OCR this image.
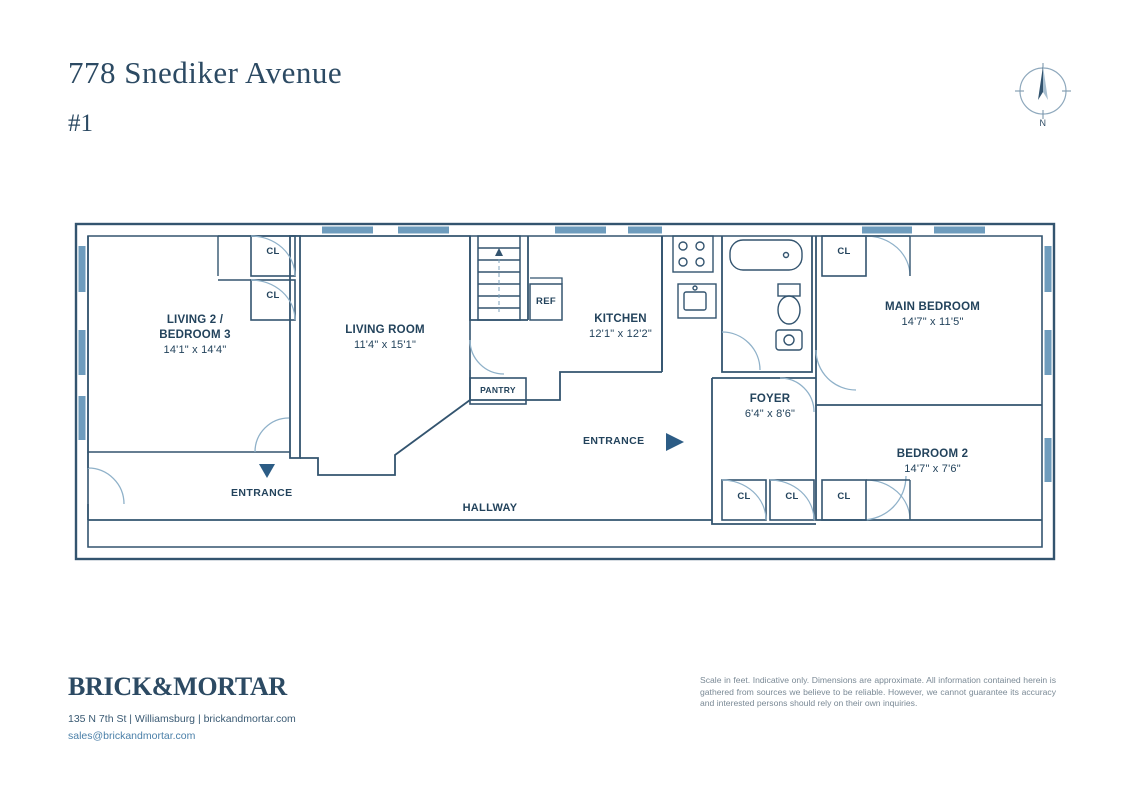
778 Snediker Avenue
#1	N
LIVING 2 /
BEDROOM 3
14'1" x 14'4"
LIVING ROOM
11'4" x 15'1"
KITCHEN
12'1" x 12'2"
MAIN BEDROOM
14'7" x 11'5"
BEDROOM 2
14'7" x 7'6"
FOYER
6'4" x 8'6"
CL
CL
CL
CL	CL	CL
REF
PANTRY
HALLWAY
ENTRANCE
ENTRANCE
BRICK&MORTAR
135 N 7th St | Williamsburg | brickandmortar.com
sales@brickandmortar.com
Scale in feet. Indicative only. Dimensions are approximate. All information contained herein is gathered from sources we believe to be reliable. However, we cannot guarantee its accuracy and interested persons should rely on their own inquiries.
